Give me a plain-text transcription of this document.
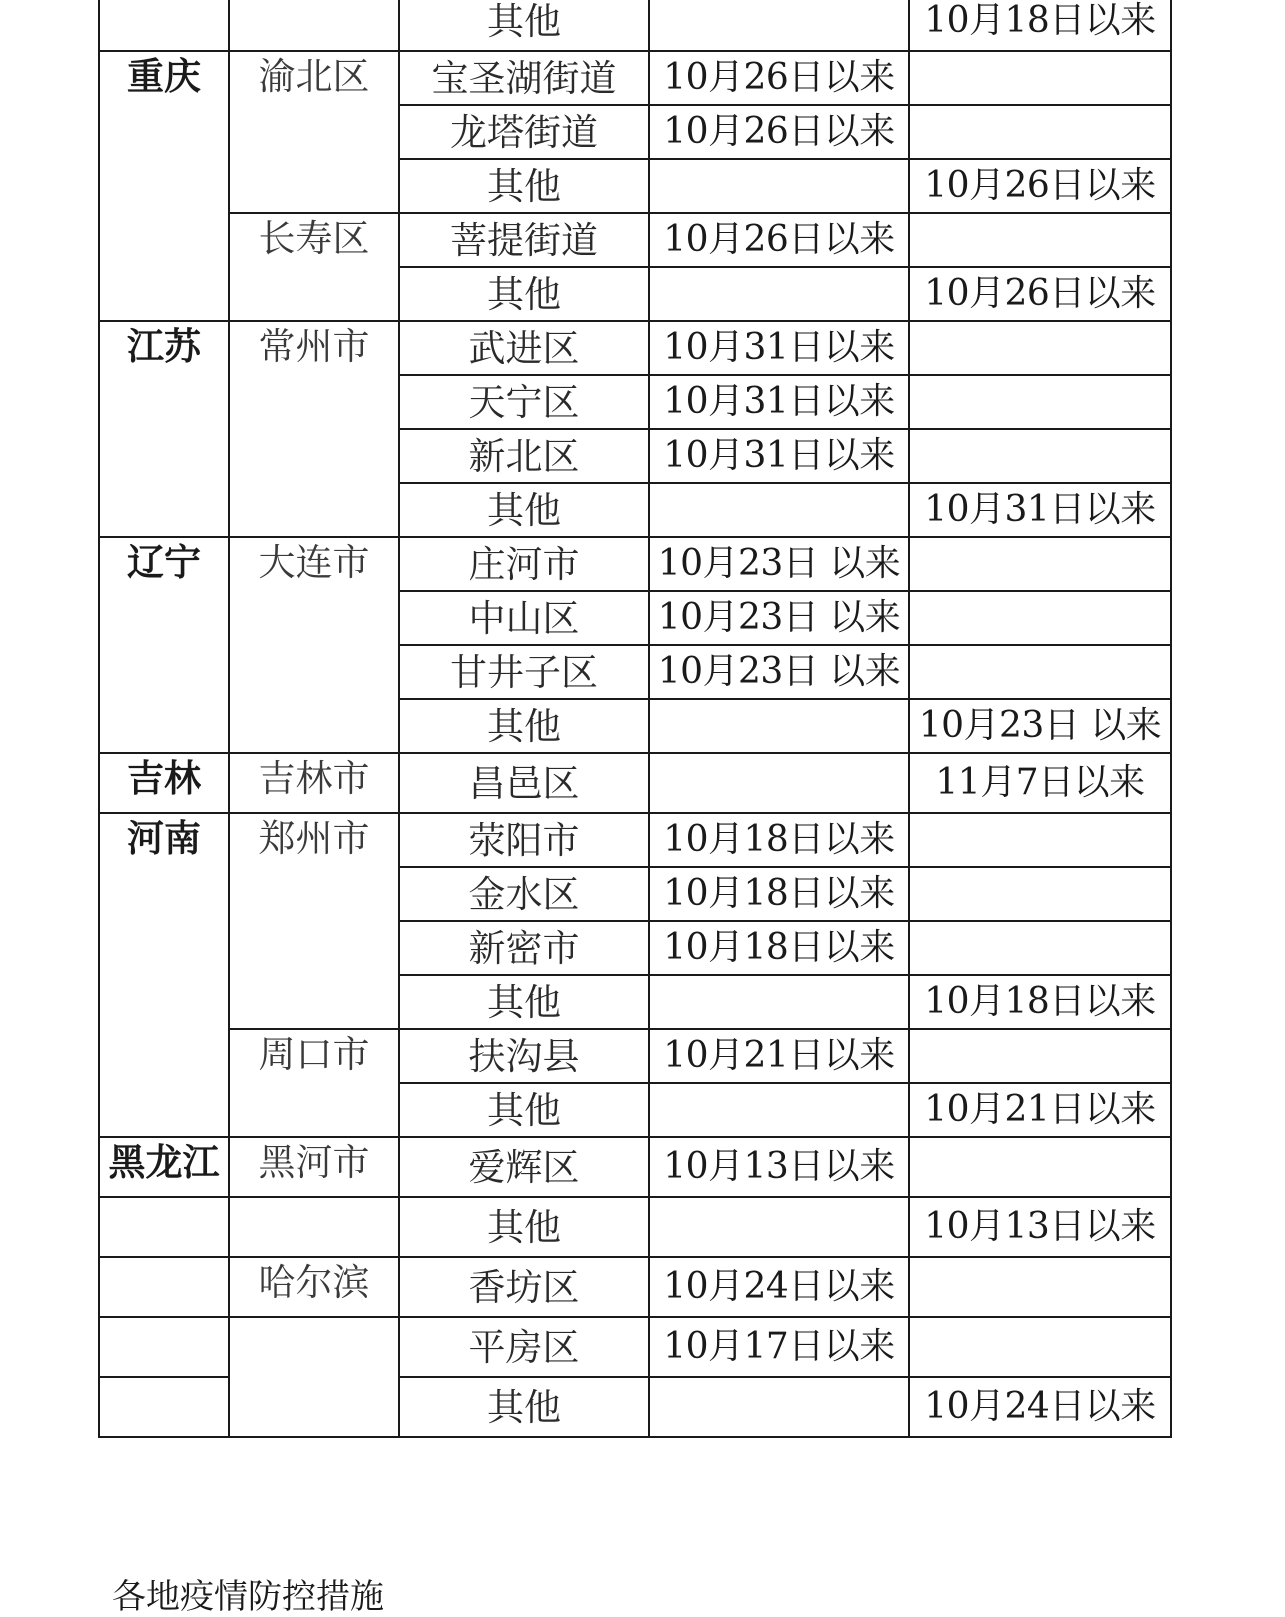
		其他		10月18日以来
重庆	渝北区	宝圣湖街道	10月26日以来	
		龙塔街道	10月26日以来	
		其他		10月26日以来
	长寿区	菩提街道	10月26日以来	
		其他		10月26日以来
江苏	常州市	武进区	10月31日以来	
		天宁区	10月31日以来	
		新北区	10月31日以来	
		其他		10月31日以来
辽宁	大连市	庄河市	10月23日 以来	
		中山区	10月23日 以来	
		甘井子区	10月23日 以来	
		其他		10月23日 以来
吉林	吉林市	昌邑区		11月7日以来
河南	郑州市	荥阳市	10月18日以来	
		金水区	10月18日以来	
		新密市	10月18日以来	
		其他		10月18日以来
	周口市	扶沟县	10月21日以来	
		其他		10月21日以来
黑龙江	黑河市	爱辉区	10月13日以来	
		其他		10月13日以来
	哈尔滨	香坊区	10月24日以来	
		平房区	10月17日以来	
		其他		10月24日以来
各地疫情防控措施
